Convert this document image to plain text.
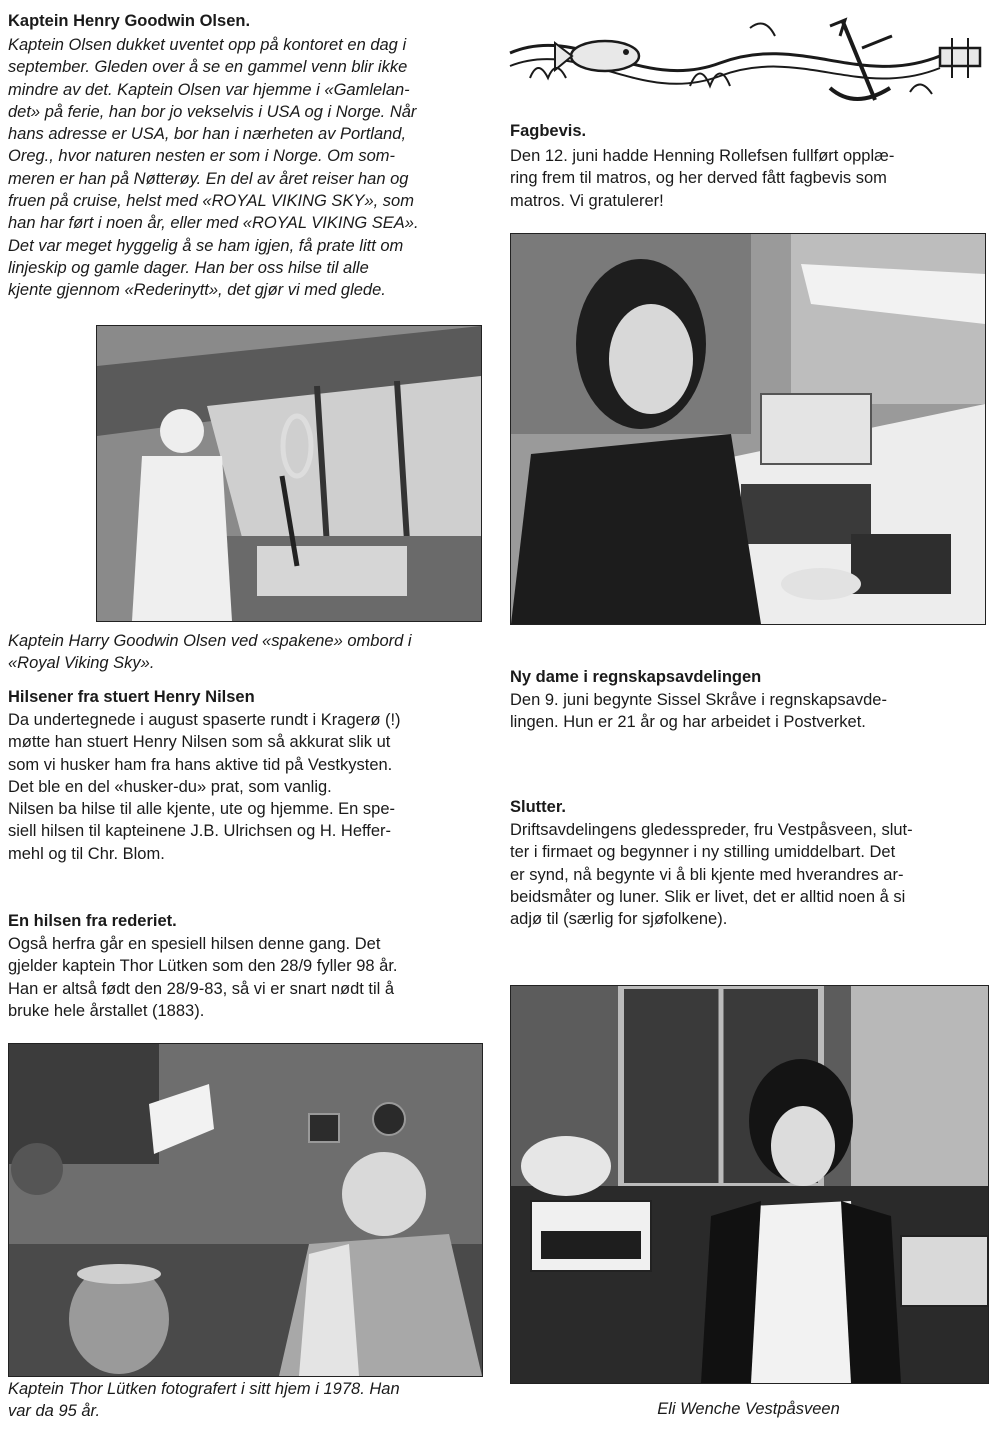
Kaptein Henry Goodwin Olsen.

Kaptein Olsen dukket uventet opp på kontoret en dag i
september. Gleden over å se en gammel venn blir ikke
mindre av det. Kaptein Olsen var hjemme i «Gamlelan-
det» på ferie, han bor jo vekselvis i USA og i Norge. Når
hans adresse er USA, bor han i nærheten av Portland,
Oreg., hvor naturen nesten er som i Norge. Om som-
meren er han på Nøtterøy. En del av året reiser han og
fruen på cruise, helst med «ROYAL VIKING SKY», som
han har ført i noen år, eller med «ROYAL VIKING SEA».
Det var meget hyggelig å se ham igjen, få prate litt om
linjeskip og gamle dager. Han ber oss hilse til alle
kjente gjennom «Rederinytt», det gjør vi med glede.

Kaptein Harry Goodwin Olsen ved «spakene» ombord i
«Royal Viking Sky».

Hilsener fra stuert Henry Nilsen

Da undertegnede i august spaserte rundt i Kragerø (!)
møtte han stuert Henry Nilsen som så akkurat slik ut
som vi husker ham fra hans aktive tid på Vestkysten.
Det ble en del «husker-du» prat, som vanlig.
Nilsen ba hilse til alle kjente, ute og hjemme. En spe-
siell hilsen til kapteinene J.B. Ulrichsen og H. Heffer-
mehl og til Chr. Blom.

En hilsen fra rederiet.

Også herfra går en spesiell hilsen denne gang. Det
gjelder kaptein Thor Lütken som den 28/9 fyller 98 år.
Han er altså født den 28/9-83, så vi er snart nødt til å
bruke hele årstallet (1883).

Kaptein Thor Lütken fotografert i sitt hjem i 1978. Han
var da 95 år.

Fagbevis.

Den 12. juni hadde Henning Rollefsen fullført opplæ-
ring frem til matros, og her derved fått fagbevis som
matros. Vi gratulerer!

Ny dame i regnskapsavdelingen

Den 9. juni begynte Sissel Skråve i regnskapsavde-
lingen. Hun er 21 år og har arbeidet i Postverket.

Slutter.

Driftsavdelingens gledesspreder, fru Vestpåsveen, slut-
ter i firmaet og begynner i ny stilling umiddelbart. Det
er synd, nå begynte vi å bli kjente med hverandres ar-
beidsmåter og luner. Slik er livet, det er alltid noen å si
adjø til (særlig for sjøfolkene).

Eli Wenche Vestpåsveen
